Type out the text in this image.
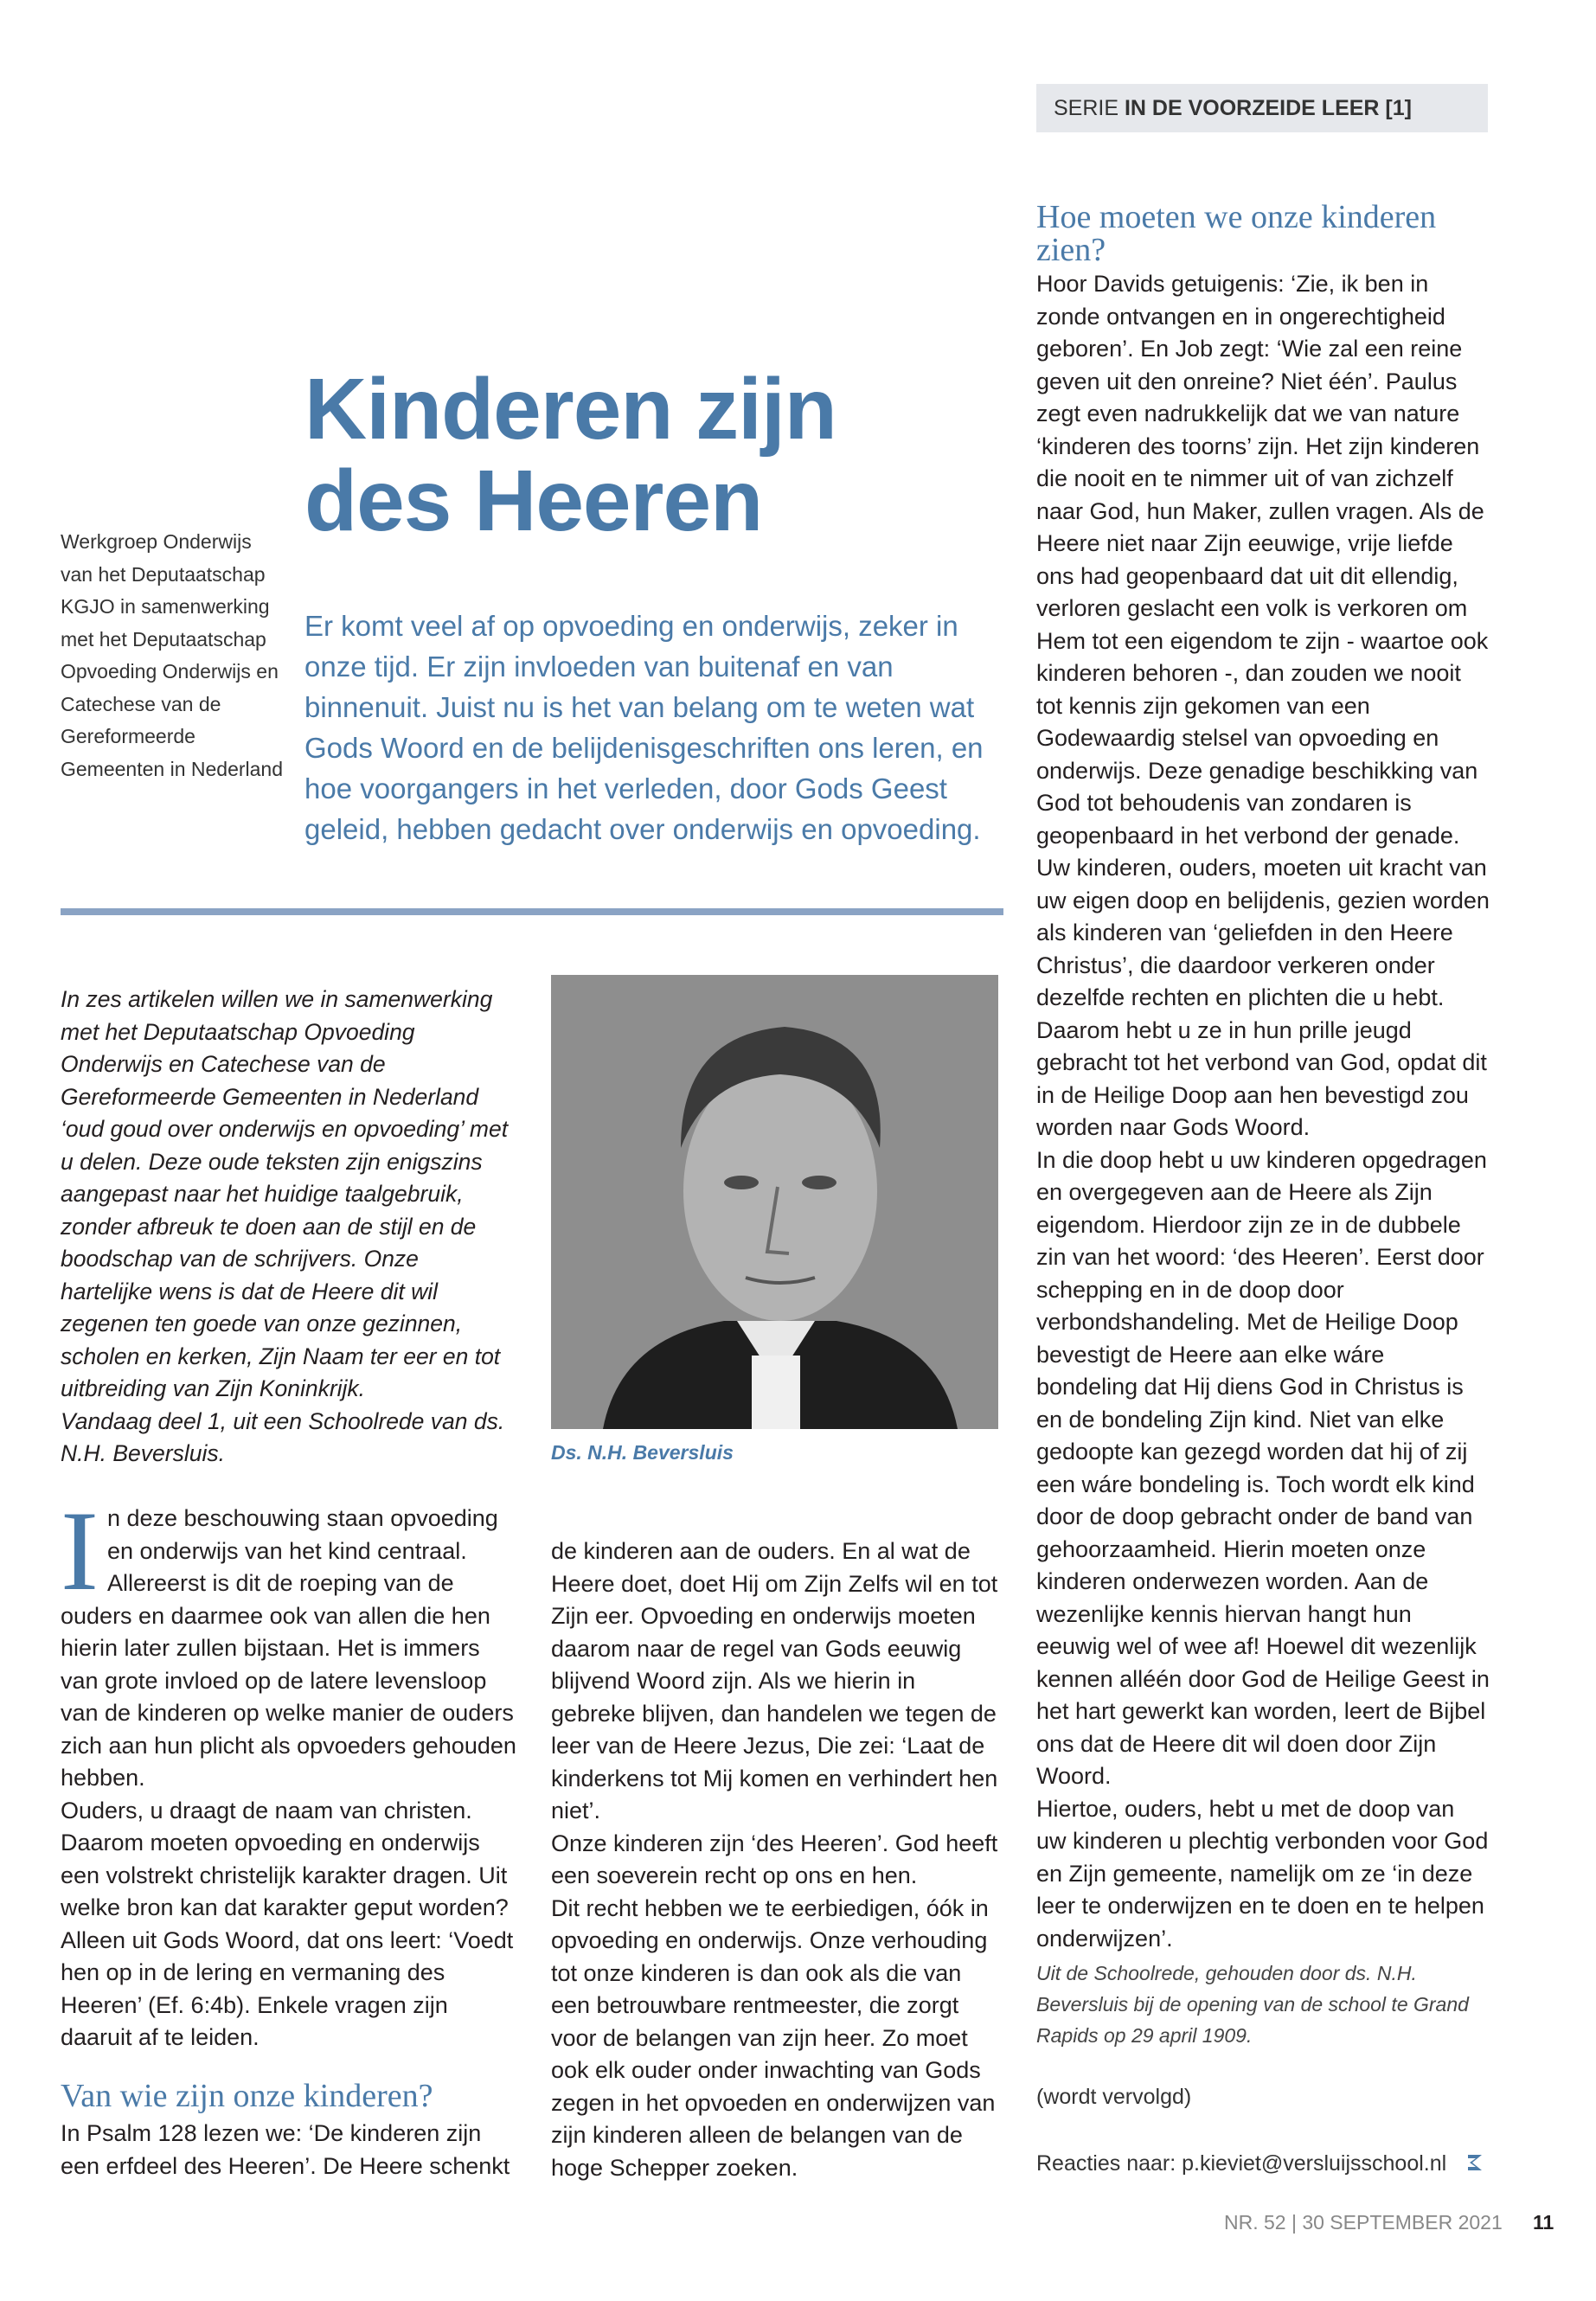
SERIE IN DE VOORZEIDE LEER [1]
Kinderen zijn
des Heeren
Werkgroep Onderwijs van het Deputaatschap KGJO in samenwerking met het Deputaatschap Opvoeding Onderwijs en Catechese van de Gereformeerde Gemeenten in Nederland
Er komt veel af op opvoeding en onderwijs, zeker in onze tijd. Er zijn invloeden van buitenaf en van binnenuit. Juist nu is het van belang om te weten wat Gods Woord en de belijdenisgeschriften ons leren, en hoe voorgangers in het verleden, door Gods Geest geleid, hebben gedacht over onderwijs en opvoeding.

In zes artikelen willen we in samenwerking met het Deputaatschap Opvoeding Onderwijs en Catechese van de Gereformeerde Gemeenten in Nederland ‘oud goud over onderwijs en opvoeding’ met u delen. Deze oude teksten zijn enigszins aangepast naar het huidige taalgebruik, zonder afbreuk te doen aan de stijl en de boodschap van de schrijvers. Onze hartelijke wens is dat de Heere dit wil zegenen ten goede van onze gezinnen, scholen en kerken, Zijn Naam ter eer en tot uitbreiding van Zijn Koninkrijk.

Vandaag deel 1, uit een Schoolrede van ds. N.H. Beversluis.	Ds. N.H. Beversluis

In deze beschouwing staan opvoeding en onderwijs van het kind centraal. Allereerst is dit de roeping van de ouders en daarmee ook van allen die hen hierin later zullen bijstaan. Het is immers van grote invloed op de latere levensloop van de kinderen op welke manier de ouders zich aan hun plicht als opvoeders gehouden hebben.

Ouders, u draagt de naam van christen. Daarom moeten opvoeding en onderwijs een volstrekt christelijk karakter dragen. Uit welke bron kan dat karakter geput worden? Alleen uit Gods Woord, dat ons leert: ‘Voedt hen op in de lering en vermaning des Heeren’ (Ef. 6:4b). Enkele vragen zijn daaruit af te leiden.

Van wie zijn onze kinderen?
In Psalm 128 lezen we: ‘De kinderen zijn een erfdeel des Heeren’. De Heere schenkt

de kinderen aan de ouders. En al wat de Heere doet, doet Hij om Zijn Zelfs wil en tot Zijn eer. Opvoeding en onderwijs moeten daarom naar de regel van Gods eeuwig blijvend Woord zijn. Als we hierin in gebreke blijven, dan handelen we tegen de leer van de Heere Jezus, Die zei: ‘Laat de kinderkens tot Mij komen en verhindert hen niet’.

Onze kinderen zijn ‘des Heeren’. God heeft een soeverein recht op ons en hen.

Dit recht hebben we te eerbiedigen, óók in opvoeding en onderwijs. Onze verhouding tot onze kinderen is dan ook als die van een betrouwbare rentmeester, die zorgt voor de belangen van zijn heer. Zo moet ook elk ouder onder inwachting van Gods zegen in het opvoeden en onderwijzen van zijn kinderen alleen de belangen van de hoge Schepper zoeken.

Hoe moeten we onze kinderen zien?

Hoor Davids getuigenis: ‘Zie, ik ben in zonde ontvangen en in ongerechtigheid geboren’. En Job zegt: ‘Wie zal een reine geven uit den onreine? Niet één’. Paulus zegt even nadrukkelijk dat we van nature ‘kinderen des toorns’ zijn. Het zijn kinderen die nooit en te nimmer uit of van zichzelf naar God, hun Maker, zullen vragen. Als de Heere niet naar Zijn eeuwige, vrije liefde ons had geopenbaard dat uit dit ellendig, verloren geslacht een volk is verkoren om Hem tot een eigendom te zijn - waartoe ook kinderen behoren -, dan zouden we nooit tot kennis zijn gekomen van een Godewaardig stelsel van opvoeding en onderwijs. Deze genadige beschikking van God tot behoudenis van zondaren is geopenbaard in het verbond der genade. Uw kinderen, ouders, moeten uit kracht van uw eigen doop en belijdenis, gezien worden als kinderen van ‘geliefden in den Heere Christus’, die daardoor verkeren onder dezelfde rechten en plichten die u hebt. Daarom hebt u ze in hun prille jeugd gebracht tot het verbond van God, opdat dit in de Heilige Doop aan hen bevestigd zou worden naar Gods Woord.

In die doop hebt u uw kinderen opgedragen en overgegeven aan de Heere als Zijn eigendom. Hierdoor zijn ze in de dubbele zin van het woord: ‘des Heeren’. Eerst door schepping en in de doop door verbondshandeling. Met de Heilige Doop bevestigt de Heere aan elke wáre bondeling dat Hij diens God in Christus is en de bondeling Zijn kind. Niet van elke gedoopte kan gezegd worden dat hij of zij een wáre bondeling is. Toch wordt elk kind door de doop gebracht onder de band van gehoorzaamheid. Hierin moeten onze kinderen onderwezen worden. Aan de wezenlijke kennis hiervan hangt hun eeuwig wel of wee af! Hoewel dit wezenlijk kennen alléén door God de Heilige Geest in het hart gewerkt kan worden, leert de Bijbel ons dat de Heere dit wil doen door Zijn Woord.

Hiertoe, ouders, hebt u met de doop van uw kinderen u plechtig verbonden voor God en Zijn gemeente, namelijk om ze ‘in deze leer te onderwijzen en te doen en te helpen onderwijzen’.

Uit de Schoolrede, gehouden door ds. N.H. Beversluis bij de opening van de school te Grand Rapids op 29 april 1909.
(wordt vervolgd)
Reacties naar: p.kieviet@versluijsschool.nl
NR. 52 | 30 SEPTEMBER 2021 11
